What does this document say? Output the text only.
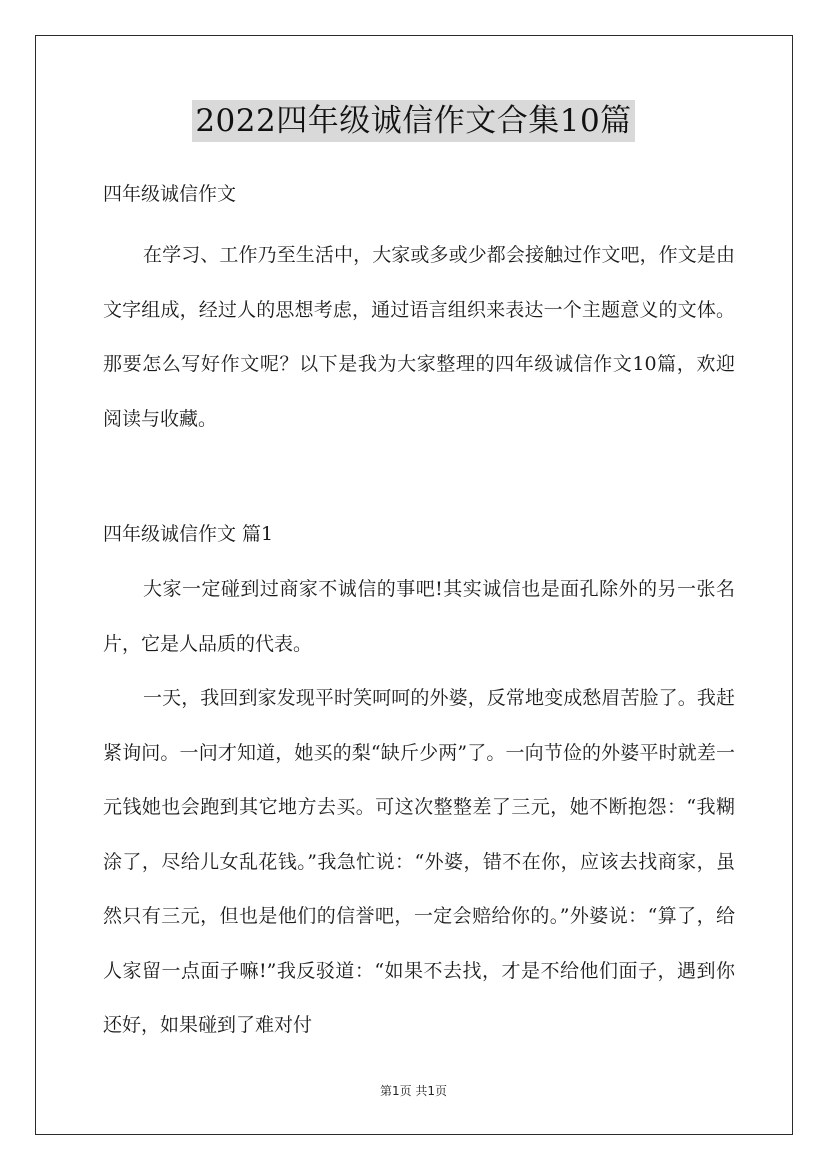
2022四年级诚信作文合集10篇

四年级诚信作文

在学习、工作乃至生活中，大家或多或少都会接触过作文吧，作文是由文字组成，经过人的思想考虑，通过语言组织来表达一个主题意义的文体。那要怎么写好作文呢？以下是我为大家整理的四年级诚信作文10篇，欢迎阅读与收藏。

四年级诚信作文 篇1

大家一定碰到过商家不诚信的事吧!其实诚信也是面孔除外的另一张名片，它是人品质的代表。

一天，我回到家发现平时笑呵呵的外婆，反常地变成愁眉苦脸了。我赶紧询问。一问才知道，她买的梨“缺斤少两”了。一向节俭的外婆平时就差一元钱她也会跑到其它地方去买。可这次整整差了三元，她不断抱怨：“我糊涂了，尽给儿女乱花钱。”我急忙说：“外婆，错不在你，应该去找商家，虽然只有三元，但也是他们的信誉吧，一定会赔给你的。”外婆说：“算了，给人家留一点面子嘛!”我反驳道：“如果不去找，才是不给他们面子，遇到你还好，如果碰到了难对付

第1页 共1页
